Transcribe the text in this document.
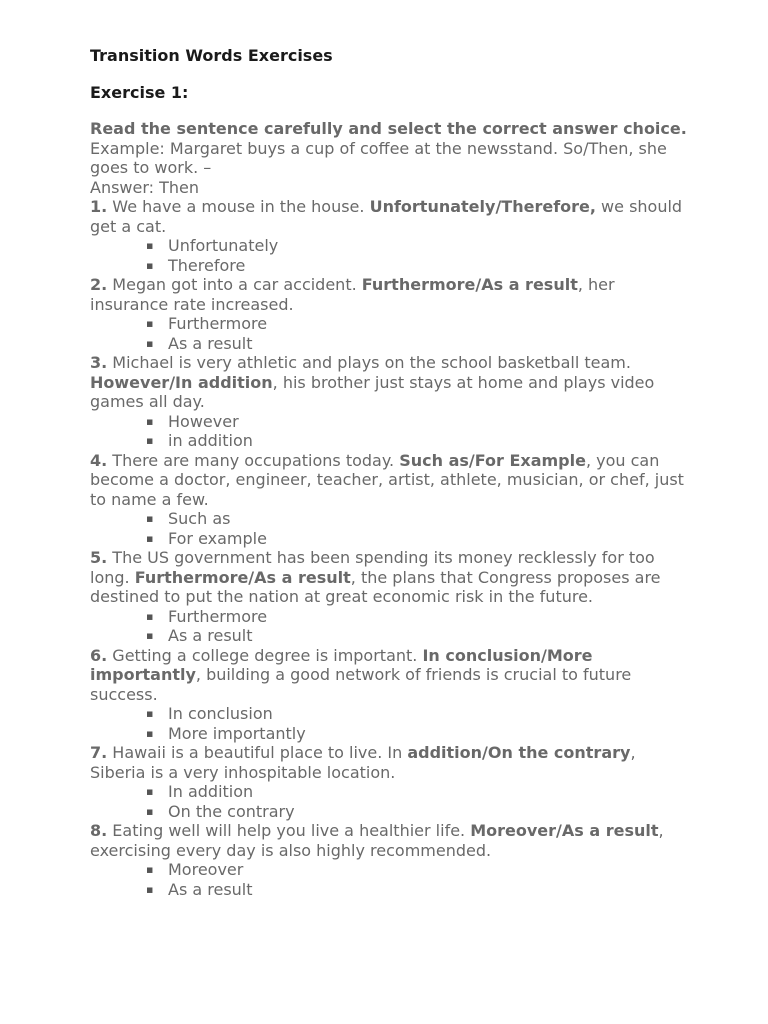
Transition Words Exercises
Exercise 1:

Read the sentence carefully and select the correct answer choice.

Example: Margaret buys a cup of coffee at the newsstand. So/Then, she goes to work. –

Answer: Then

1. We have a mouse in the house. Unfortunately/Therefore, we should get a cat.

▪ Unfortunately
▪ Therefore

2. Megan got into a car accident. Furthermore/As a result, her insurance rate increased.

▪ Furthermore
▪ As a result

3. Michael is very athletic and plays on the school basketball team. However/In addition, his brother just stays at home and plays video games all day.

▪ However
▪ in addition

4. There are many occupations today. Such as/For Example, you can become a doctor, engineer, teacher, artist, athlete, musician, or chef, just to name a few.

▪ Such as
▪ For example

5. The US government has been spending its money recklessly for too long. Furthermore/As a result, the plans that Congress proposes are destined to put the nation at great economic risk in the future.

▪ Furthermore
▪ As a result

6. Getting a college degree is important. In conclusion/More importantly, building a good network of friends is crucial to future success.

▪ In conclusion
▪ More importantly

7. Hawaii is a beautiful place to live. In addition/On the contrary, Siberia is a very inhospitable location.

▪ In addition
▪ On the contrary

8. Eating well will help you live a healthier life. Moreover/As a result, exercising every day is also highly recommended.

▪ Moreover
▪ As a result
